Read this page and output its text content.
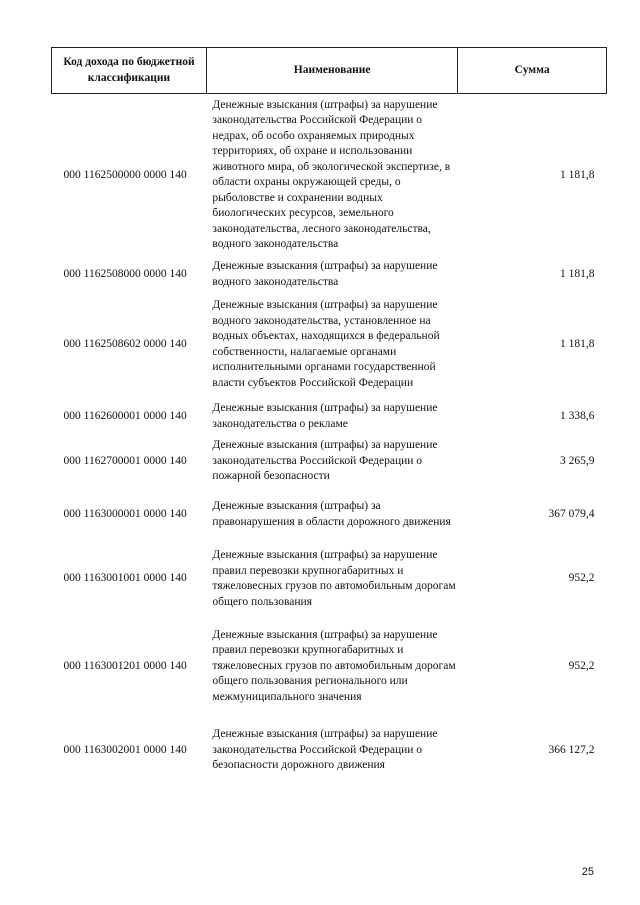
Код дохода по бюджетной классификации	Наименование	Сумма
000 1162500000 0000 140	Денежные взыскания (штрафы) за нарушение законодательства Российской Федерации о недрах, об особо охраняемых природных территориях, об охране и использовании животного мира, об экологической экспертизе, в области охраны окружающей среды, о рыболовстве и сохранении водных биологических ресурсов, земельного законодательства, лесного законодательства, водного законодательства	1 181,8
000 1162508000 0000 140	Денежные взыскания (штрафы) за нарушение водного законодательства	1 181,8
000 1162508602 0000 140	Денежные взыскания (штрафы) за нарушение водного законодательства, установленное на водных объектах, находящихся в федеральной собственности, налагаемые органами исполнительными органами государственной власти субъектов Российской Федерации	1 181,8
000 1162600001 0000 140	Денежные взыскания (штрафы) за нарушение законодательства о рекламе	1 338,6
000 1162700001 0000 140	Денежные взыскания (штрафы) за нарушение законодательства Российской Федерации о пожарной безопасности	3 265,9
000 1163000001 0000 140	Денежные взыскания (штрафы) за правонарушения в области дорожного движения	367 079,4
000 1163001001 0000 140	Денежные взыскания (штрафы) за нарушение правил перевозки крупногабаритных и тяжеловесных грузов по автомобильным дорогам общего пользования	952,2
000 1163001201 0000 140	Денежные взыскания (штрафы) за нарушение правил перевозки крупногабаритных и тяжеловесных грузов по автомобильным дорогам общего пользования регионального или межмуниципального значения	952,2
000 1163002001 0000 140	Денежные взыскания (штрафы) за нарушение законодательства Российской Федерации о безопасности дорожного движения	366 127,2
25
